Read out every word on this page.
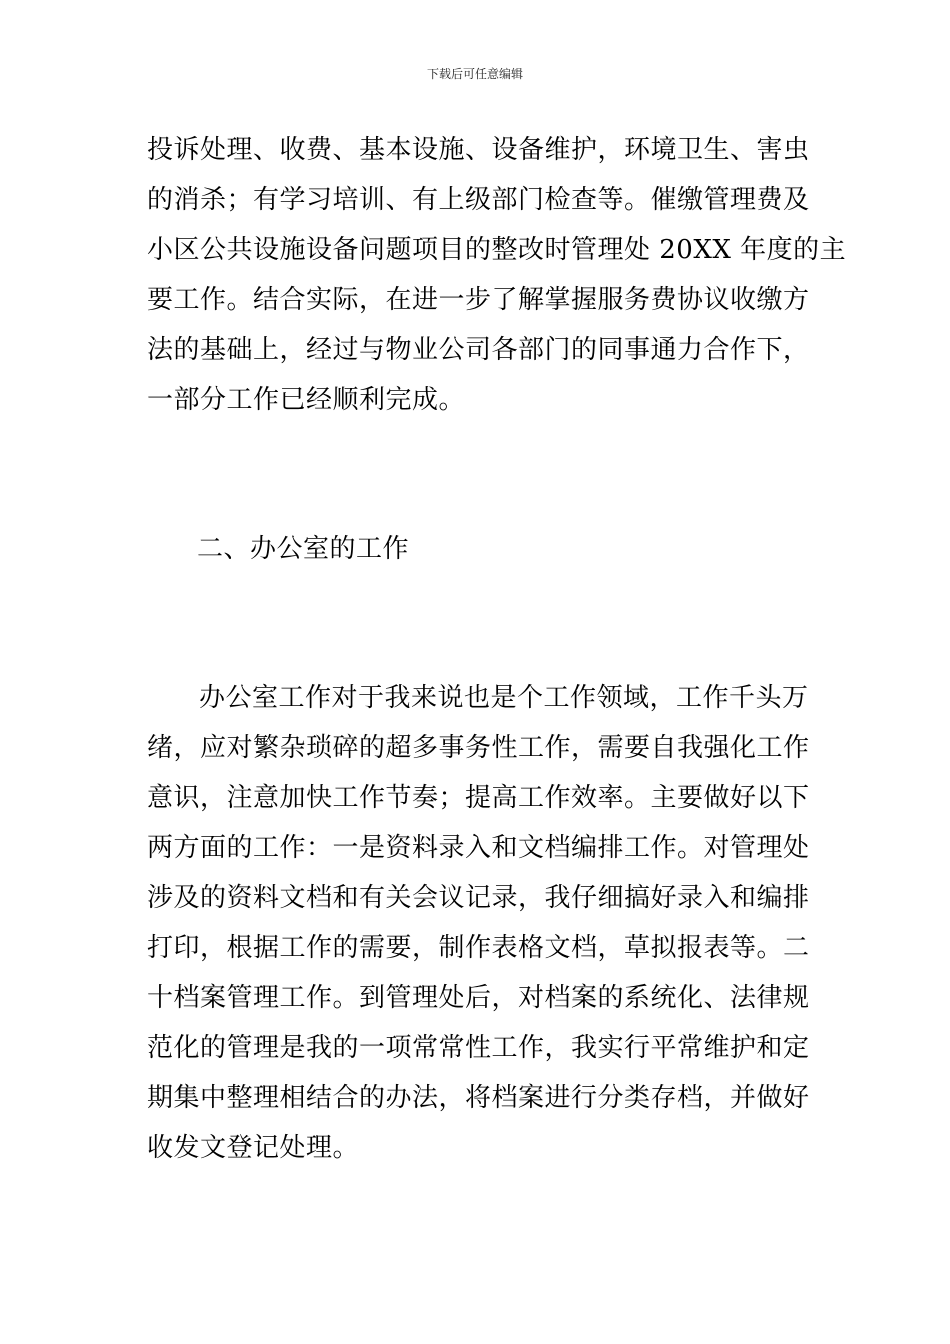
下载后可任意编辑
投诉处理、收费、基本设施、设备维护，环境卫生、害虫
的消杀；有学习培训、有上级部门检查等。催缴管理费及
小区公共设施设备问题项目的整改时管理处 20XX 年度的主
要工作。结合实际，在进一步了解掌握服务费协议收缴方
法的基础上，经过与物业公司各部门的同事通力合作下，
一部分工作已经顺利完成。
二、办公室的工作
办公室工作对于我来说也是个工作领域，工作千头万
绪，应对繁杂琐碎的超多事务性工作，需要自我强化工作
意识，注意加快工作节奏；提高工作效率。主要做好以下
两方面的工作：一是资料录入和文档编排工作。对管理处
涉及的资料文档和有关会议记录，我仔细搞好录入和编排
打印，根据工作的需要，制作表格文档，草拟报表等。二
十档案管理工作。到管理处后，对档案的系统化、法律规
范化的管理是我的一项常常性工作，我实行平常维护和定
期集中整理相结合的办法，将档案进行分类存档，并做好
收发文登记处理。
